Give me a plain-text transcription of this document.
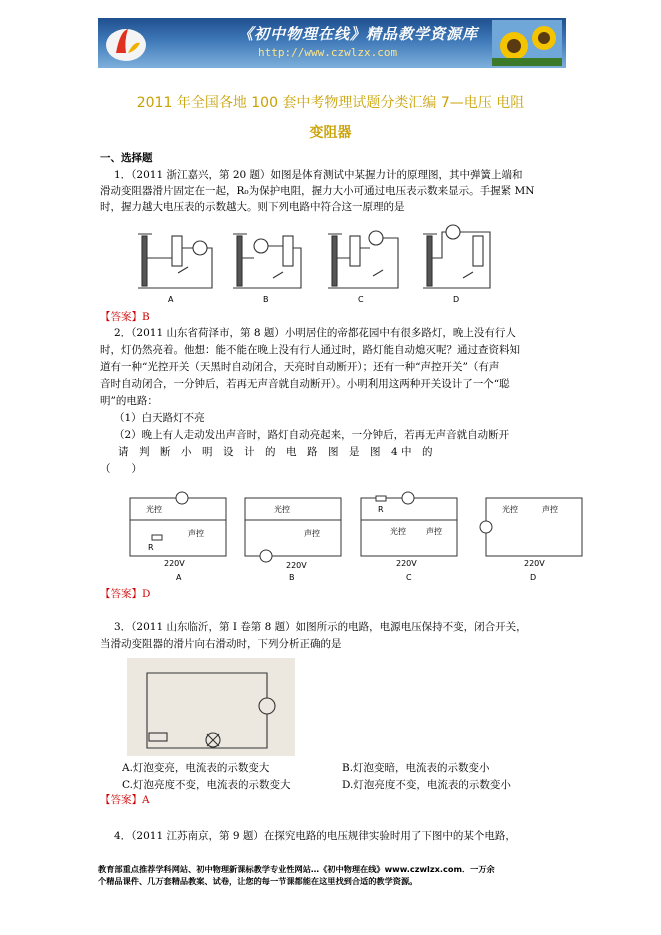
《初中物理在线》精品教学资源库
http://www.czwlzx.com
2011 年全国各地 100 套中考物理试题分类汇编 7—电压 电阻
变阻器
一、选择题
1．（2011 浙江嘉兴，第 20 题）如图是体育测试中某握力计的原理图，其中弹簧上端和
滑动变阻器滑片固定在一起，R₀为保护电阻，握力大小可通过电压表示数来显示。手握紧 MN
时，握力越大电压表的示数越大。则下列电路中符合这一原理的是
A	B	C	D
【答案】B
2．（2011 山东省荷泽市，第 8 题）小明居住的帝都花园中有很多路灯，晚上没有行人
时，灯仍然亮着。他想：能不能在晚上没有行人通过时，路灯能自动熄灭呢？通过查资料知
道有一种“光控开关（天黑时自动闭合，天亮时自动断开）；还有一种“声控开关”（有声
音时自动闭合，一分钟后，若再无声音就自动断开）。小明利用这两种开关设计了一个“聪
明”的电路：
（1）白天路灯不亮
（2）晚上有人走动发出声音时，路灯自动亮起来，一分钟后，若再无声音就自动断开
请　判　断　小　明　设　计　的　电　路　图　是　图　4 中　的
（　　）
光控
声控
R
220V
光控
声控
220V
R
光控	声控
220V
光控	声控
220V
A	B	C	D
【答案】D
3．（2011 山东临沂，第 I 卷第 8 题）如图所示的电路，电源电压保持不变，闭合开关，
当滑动变阻器的滑片向右滑动时，下列分析正确的是
A.灯泡变亮，电流表的示数变大	B.灯泡变暗，电流表的示数变小
C.灯泡亮度不变，电流表的示数变大	D.灯泡亮度不变，电流表的示数变小
【答案】A
4．（2011 江苏南京，第 9 题）在探究电路的电压规律实验时用了下图中的某个电路，
教育部重点推荐学科网站、初中物理新课标教学专业性网站…《初中物理在线》www.czwlzx.com．一万余
个精品课件、几万套精品教案、试卷，让您的每一节课都能在这里找到合适的教学资源。
